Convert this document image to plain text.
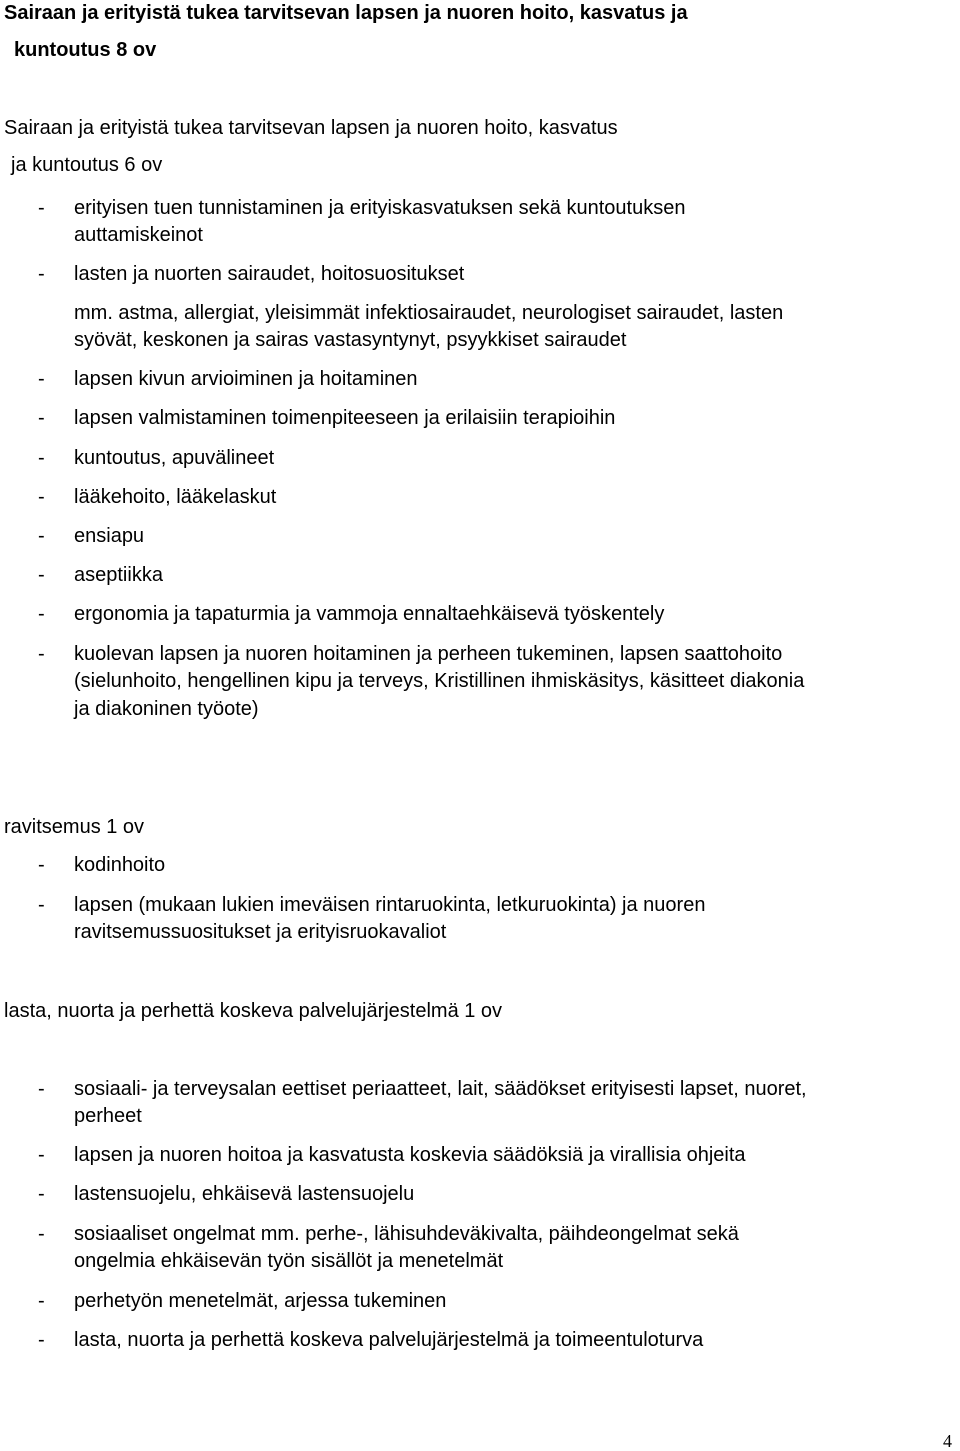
Sairaan ja erityistä tukea tarvitsevan lapsen ja nuoren hoito, kasvatus ja
kuntoutus 8 ov
Sairaan ja erityistä tukea tarvitsevan lapsen ja nuoren hoito, kasvatus
ja kuntoutus 6 ov
- erityisen tuen tunnistaminen ja erityiskasvatuksen sekä kuntoutuksen
auttamiskeinot
- lasten ja nuorten sairaudet, hoitosuositukset
mm. astma, allergiat, yleisimmät infektiosairaudet, neurologiset sairaudet, lasten
syövät, keskonen ja sairas vastasyntynyt, psyykkiset sairaudet
- lapsen kivun arvioiminen ja hoitaminen
- lapsen valmistaminen toimenpiteeseen ja erilaisiin terapioihin
- kuntoutus, apuvälineet
- lääkehoito, lääkelaskut
- ensiapu
- aseptiikka
- ergonomia ja tapaturmia ja vammoja ennaltaehkäisevä työskentely
- kuolevan lapsen ja nuoren hoitaminen ja perheen tukeminen, lapsen saattohoito
(sielunhoito, hengellinen kipu ja terveys, Kristillinen ihmiskäsitys, käsitteet diakonia
ja diakoninen työote)
ravitsemus 1 ov
- kodinhoito
- lapsen (mukaan lukien imeväisen rintaruokinta, letkuruokinta) ja nuoren
ravitsemussuositukset ja erityisruokavaliot
lasta, nuorta ja perhettä koskeva palvelujärjestelmä 1 ov
- sosiaali- ja terveysalan eettiset periaatteet, lait, säädökset erityisesti lapset, nuoret,
perheet
- lapsen ja nuoren hoitoa ja kasvatusta koskevia säädöksiä ja virallisia ohjeita
- lastensuojelu, ehkäisevä lastensuojelu
- sosiaaliset ongelmat mm. perhe-, lähisuhdeväkivalta, päihdeongelmat sekä
ongelmia ehkäisevän työn sisällöt ja menetelmät
- perhetyön menetelmät, arjessa tukeminen
- lasta, nuorta ja perhettä koskeva palvelujärjestelmä ja toimeentuloturva
4
